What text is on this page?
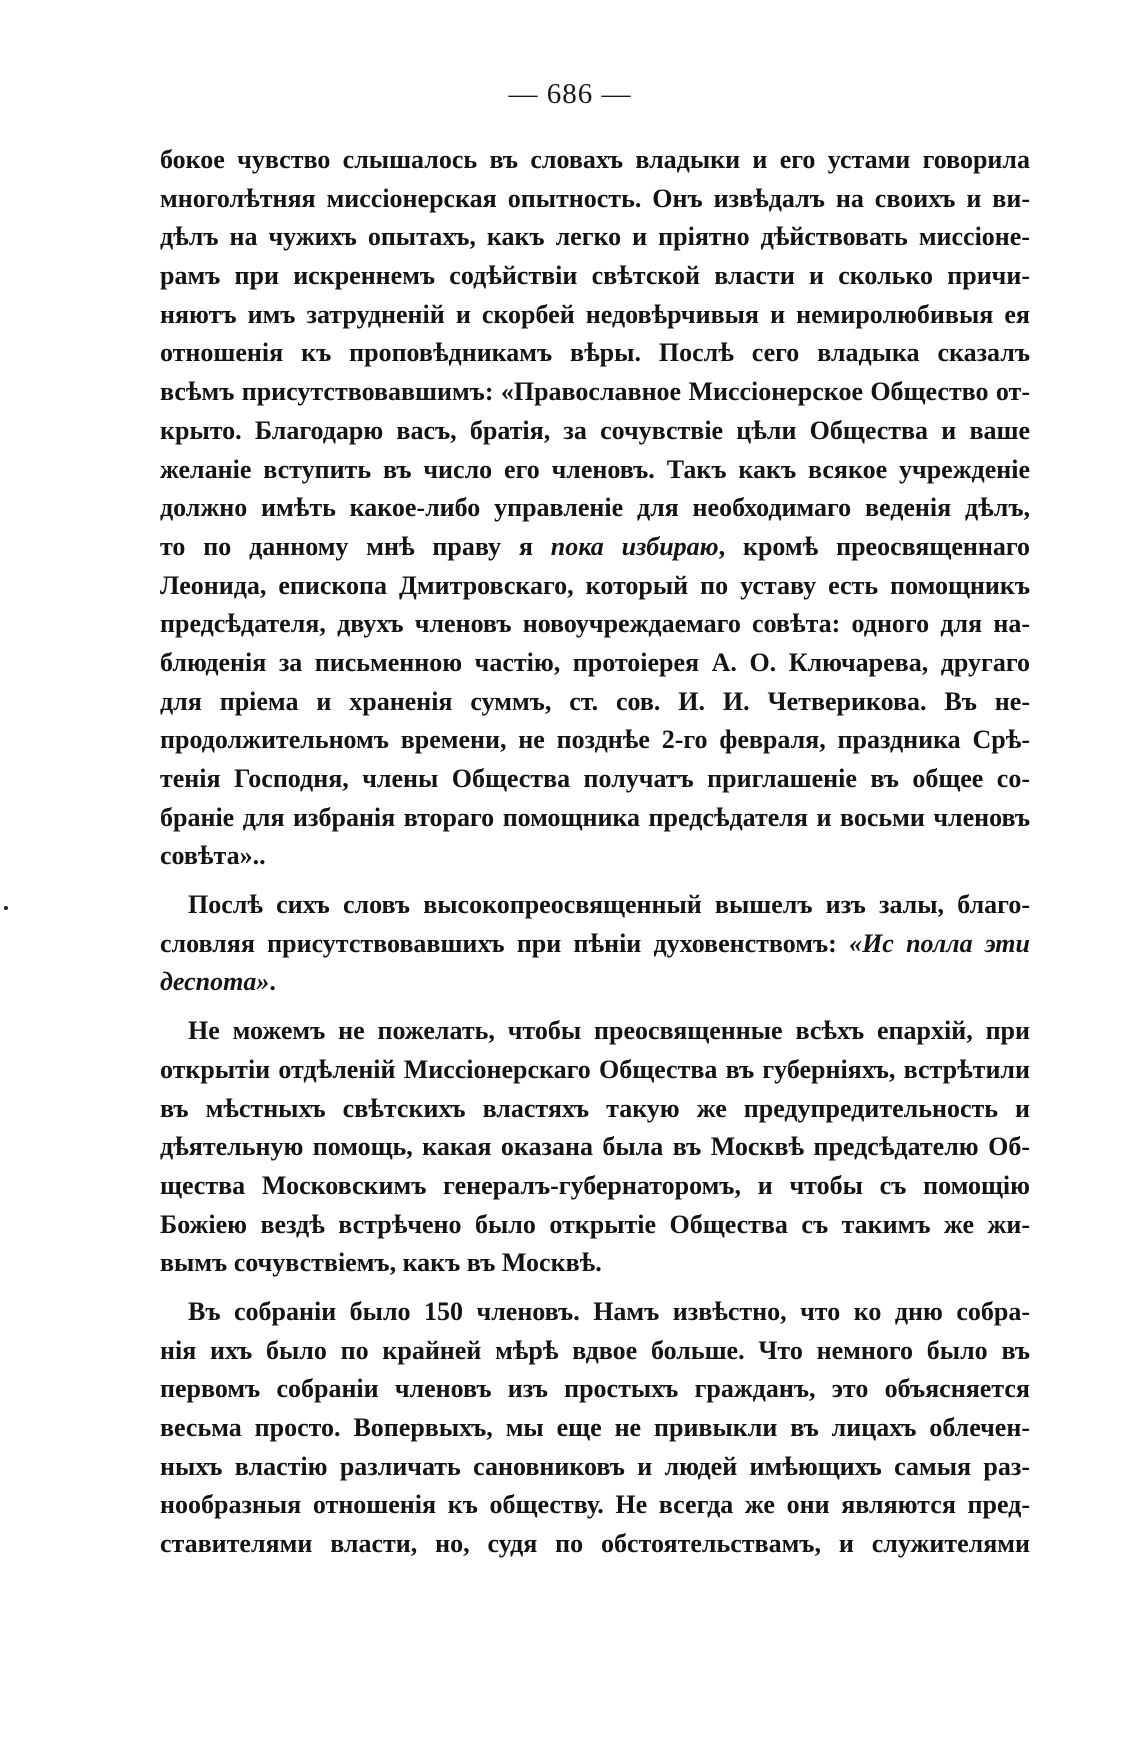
— 686 —
бокое чувство слышалось въ словахъ владыки и его устами говорила
многолѣтняя миссіонерская опытность. Онъ извѣдалъ на своихъ и ви-
дѣлъ на чужихъ опытахъ, какъ легко и пріятно дѣйствовать миссіоне-
рамъ при искреннемъ содѣйствіи свѣтской власти и сколько причи-
няютъ имъ затрудненій и скорбей недовѣрчивыя и немиролюбивыя ея
отношенія къ проповѣдникамъ вѣры. Послѣ сего владыка сказалъ
всѣмъ присутствовавшимъ: «Православное Миссіонерское Общество от-
крыто. Благодарю васъ, братія, за сочувствіе цѣли Общества и ваше
желаніе вступить въ число его членовъ. Такъ какъ всякое учрежденіе
должно имѣть какое-либо управленіе для необходимаго веденія дѣлъ,
то по данному мнѣ праву я пока избираю, кромѣ преосвященнаго
Леонида, епископа Дмитровскаго, который по уставу есть помощникъ
предсѣдателя, двухъ членовъ новоучреждаемаго совѣта: одного для на-
блюденія за письменною частію, протоіерея А. О. Ключарева, другаго
для пріема и храненія суммъ, ст. сов. И. И. Четверикова. Въ не-
продолжительномъ времени, не позднѣе 2-го февраля, праздника Срѣ-
тенія Господня, члены Общества получатъ приглашеніе въ общее со-
браніе для избранія втораго помощника предсѣдателя и восьми членовъ
совѣта»..
Послѣ сихъ словъ высокопреосвященный вышелъ изъ залы, благо-
словляя присутствовавшихъ при пѣніи духовенствомъ: «Ис полла эти
деспота».
Не можемъ не пожелать, чтобы преосвященные всѣхъ епархій, при
открытіи отдѣленій Миссіонерскаго Общества въ губерніяхъ, встрѣтили
въ мѣстныхъ свѣтскихъ властяхъ такую же предупредительность и
дѣятельную помощь, какая оказана была въ Москвѣ предсѣдателю Об-
щества Московскимъ генералъ-губернаторомъ, и чтобы съ помощію
Божіею вездѣ встрѣчено было открытіе Общества съ такимъ же жи-
вымъ сочувствіемъ, какъ въ Москвѣ.
Въ собраніи было 150 членовъ. Намъ извѣстно, что ко дню собра-
нія ихъ было по крайней мѣрѣ вдвое больше. Что немного было въ
первомъ собраніи членовъ изъ простыхъ гражданъ, это объясняется
весьма просто. Вопервыхъ, мы еще не привыкли въ лицахъ облечен-
ныхъ властію различать сановниковъ и людей имѣющихъ самыя раз-
нообразныя отношенія къ обществу. Не всегда же они являются пред-
ставителями власти, но, судя по обстоятельствамъ, и служителями
